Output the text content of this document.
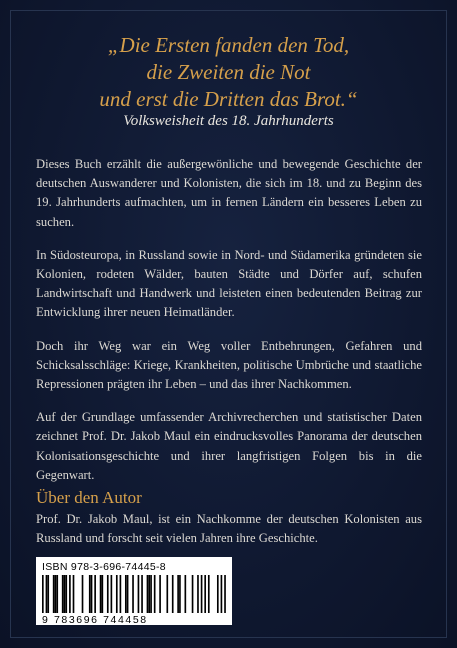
„Die Ersten fanden den Tod,
die Zweiten die Not
und erst die Dritten das Brot.“
Volksweisheit des 18. Jahrhunderts

Dieses Buch erzählt die außergewönliche und bewegende Geschichte der deutschen Auswanderer und Kolonisten, die sich im 18. und zu Beginn des 19. Jahrhunderts aufmachten, um in fernen Ländern ein besseres Leben zu suchen.

In Südosteuropa, in Russland sowie in Nord- und Südamerika gründeten sie Kolonien, rodeten Wälder, bauten Städte und Dörfer auf, schufen Landwirtschaft und Handwerk und leisteten einen bedeutenden Beitrag zur Entwicklung ihrer neuen Heimatländer.

Doch ihr Weg war ein Weg voller Entbehrungen, Gefahren und Schicksalsschläge: Kriege, Krankheiten, politische Umbrüche und staatliche Repressionen prägten ihr Leben – und das ihrer Nachkommen.

Auf der Grundlage umfassender Archivrecherchen und statistischer Daten zeichnet Prof. Dr. Jakob Maul ein eindrucksvolles Panorama der deutschen Kolonisationsgeschichte und ihrer langfristigen Folgen bis in die Gegenwart.

Über den Autor

Prof. Dr. Jakob Maul, ist ein Nachkomme der deutschen Kolonisten aus Russland und forscht seit vielen Jahren ihre Geschichte.

ISBN 978-3-696-74445-8
9 783696 744458
